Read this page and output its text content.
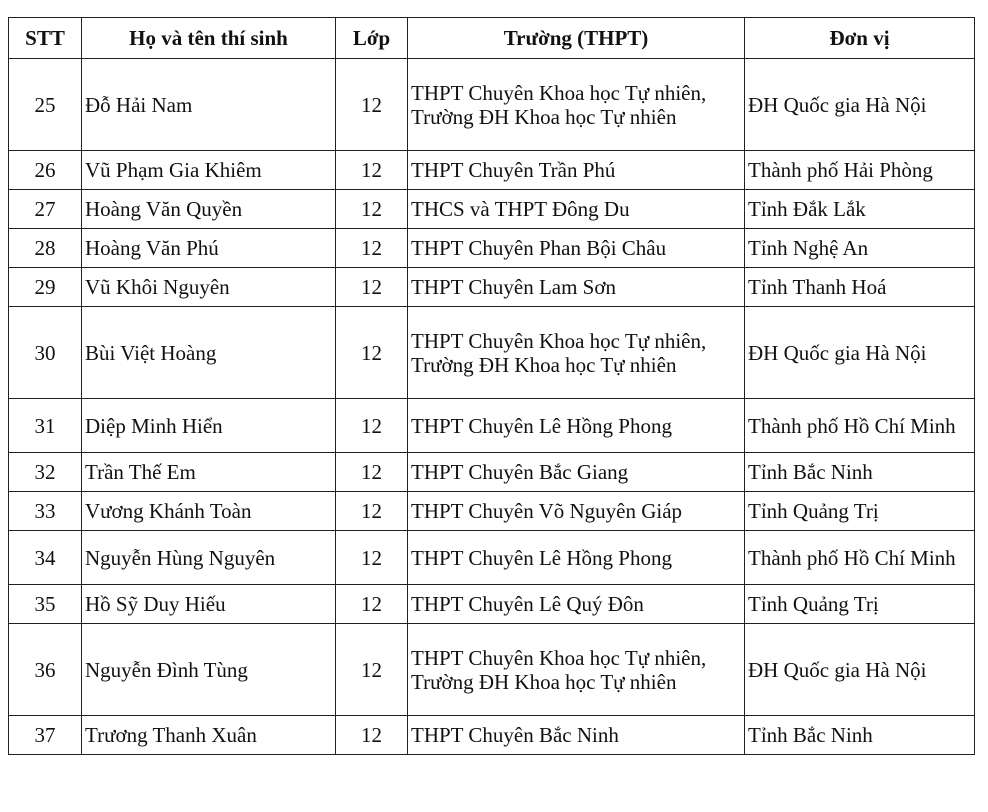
STT	Họ và tên thí sinh	Lớp	Trường (THPT)	Đơn vị
25	Đỗ Hải Nam	12	THPT Chuyên Khoa học Tự nhiên, Trường ĐH Khoa học Tự nhiên	ĐH Quốc gia Hà Nội
26	Vũ Phạm Gia Khiêm	12	THPT Chuyên Trần Phú	Thành phố Hải Phòng
27	Hoàng Văn Quyền	12	THCS và THPT Đông Du	Tỉnh Đắk Lắk
28	Hoàng Văn Phú	12	THPT Chuyên Phan Bội Châu	Tỉnh Nghệ An
29	Vũ Khôi Nguyên	12	THPT Chuyên Lam Sơn	Tỉnh Thanh Hoá
30	Bùi Việt Hoàng	12	THPT Chuyên Khoa học Tự nhiên, Trường ĐH Khoa học Tự nhiên	ĐH Quốc gia Hà Nội
31	Diệp Minh Hiển	12	THPT Chuyên Lê Hồng Phong	Thành phố Hồ Chí Minh
32	Trần Thế Em	12	THPT Chuyên Bắc Giang	Tỉnh Bắc Ninh
33	Vương Khánh Toàn	12	THPT Chuyên Võ Nguyên Giáp	Tỉnh Quảng Trị
34	Nguyễn Hùng Nguyên	12	THPT Chuyên Lê Hồng Phong	Thành phố Hồ Chí Minh
35	Hồ Sỹ Duy Hiếu	12	THPT Chuyên Lê Quý Đôn	Tỉnh Quảng Trị
36	Nguyễn Đình Tùng	12	THPT Chuyên Khoa học Tự nhiên, Trường ĐH Khoa học Tự nhiên	ĐH Quốc gia Hà Nội
37	Trương Thanh Xuân	12	THPT Chuyên Bắc Ninh	Tỉnh Bắc Ninh
